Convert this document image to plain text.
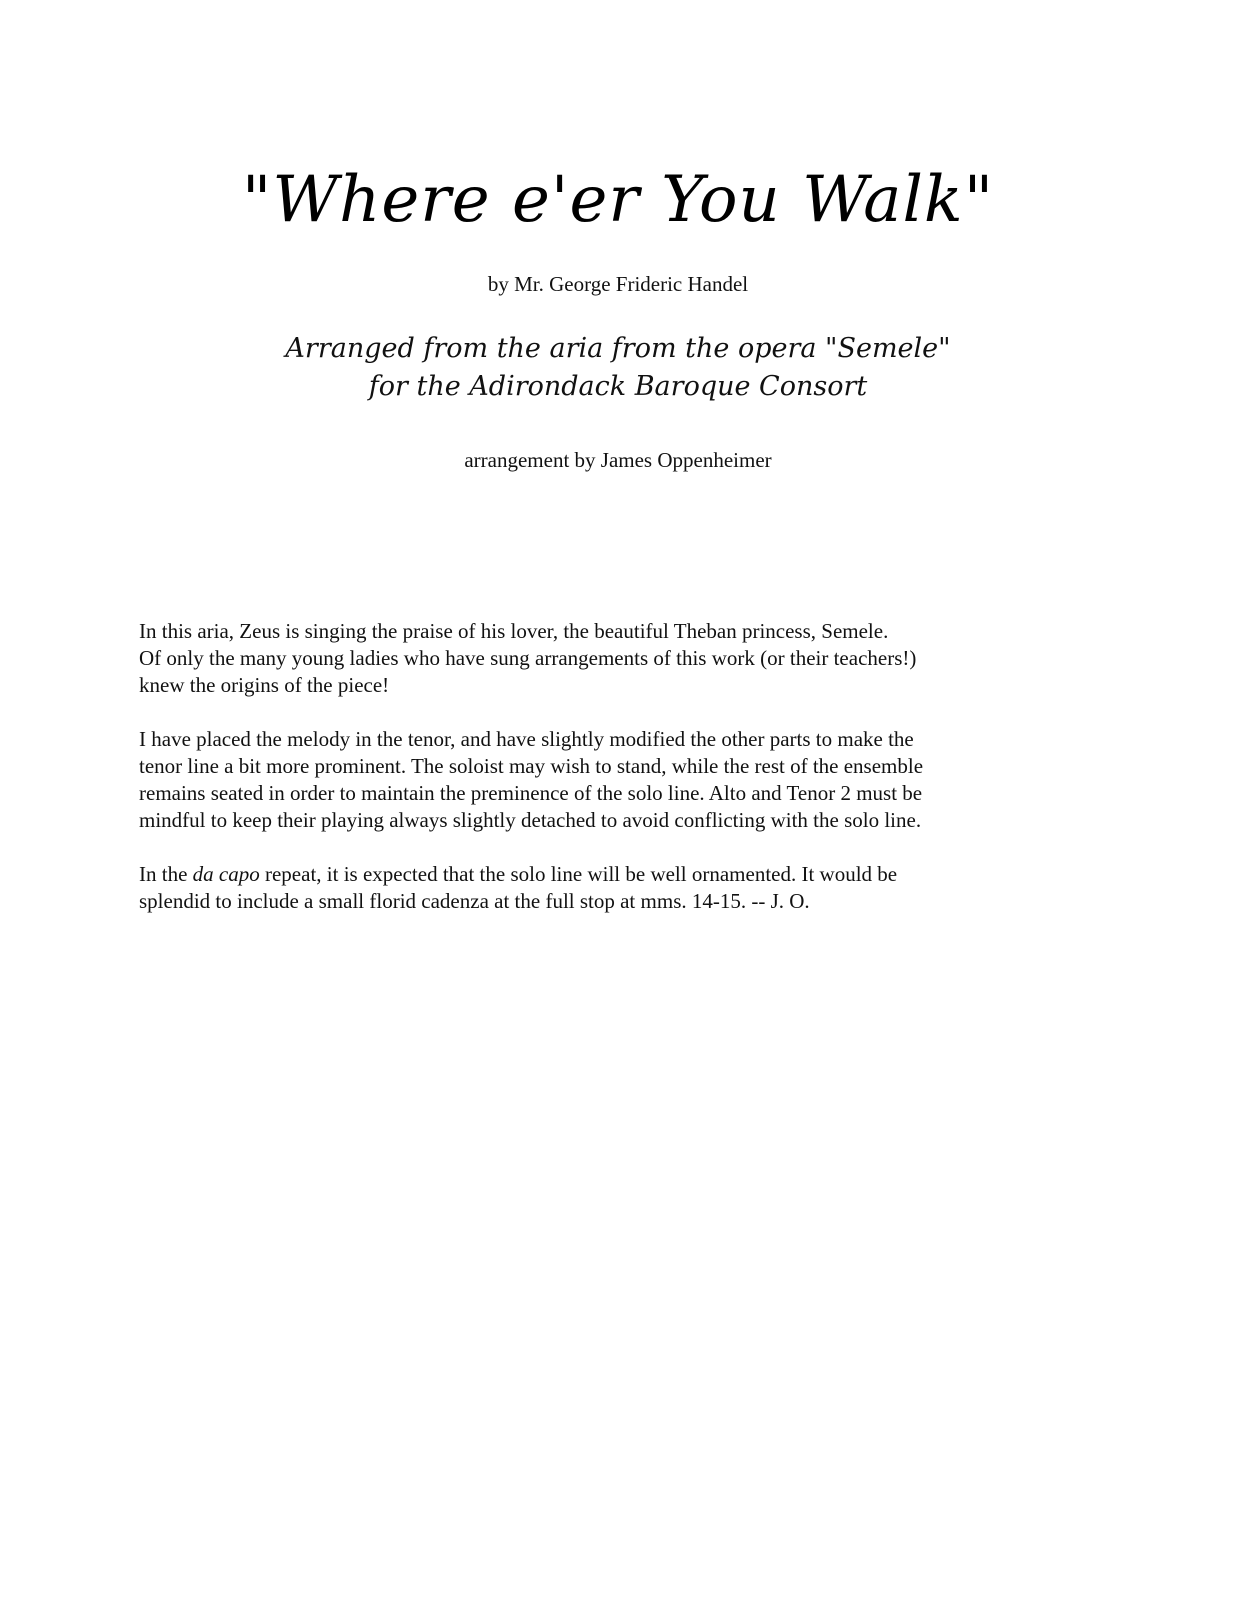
"Where e'er You Walk"
by Mr. George Frideric Handel
Arranged from the aria from the opera "Semele"
for the Adirondack Baroque Consort
arrangement by James Oppenheimer

In this aria, Zeus is singing the praise of his lover, the beautiful Theban princess, Semele.
Of only the many young ladies who have sung arrangements of this work (or their teachers!)
knew the origins of the piece!

I have placed the melody in the tenor, and have slightly modified the other parts to make the
tenor line a bit more prominent. The soloist may wish to stand, while the rest of the ensemble
remains seated in order to maintain the preminence of the solo line. Alto and Tenor 2 must be
mindful to keep their playing always slightly detached to avoid conflicting with the solo line.

In the da capo repeat, it is expected that the solo line will be well ornamented. It would be
splendid to include a small florid cadenza at the full stop at mms. 14-15. -- J. O.
